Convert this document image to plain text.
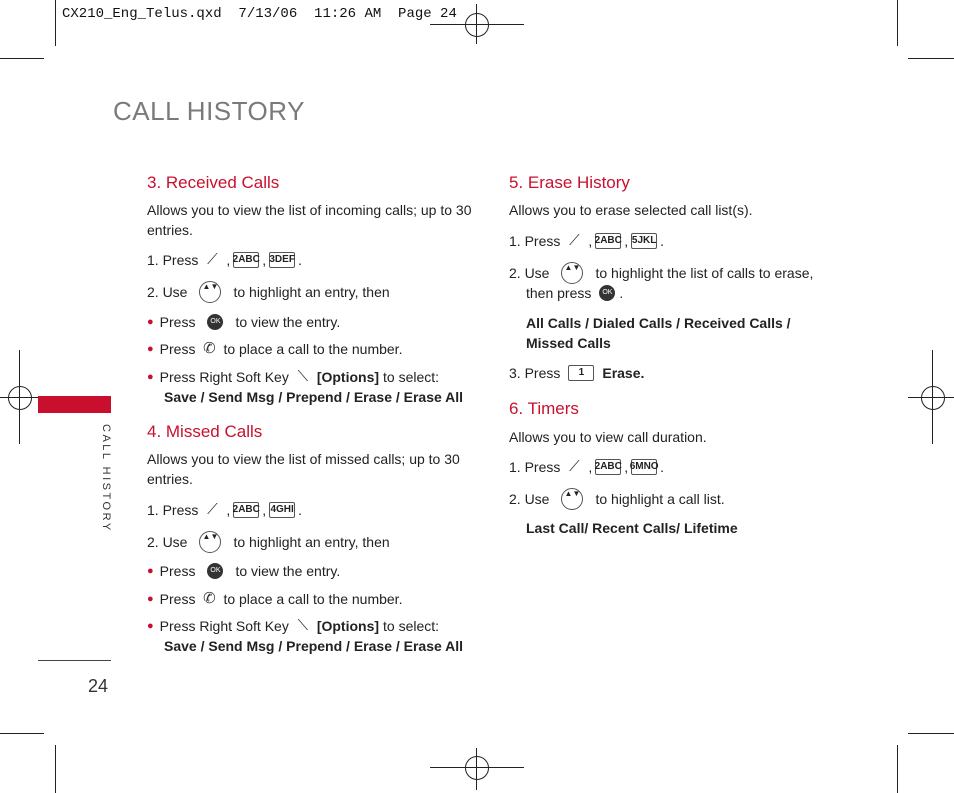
CX210_Eng_Telus.qxd  7/13/06  11:26 AM  Page 24
CALL HISTORY
CALL HISTORY
24
3. Received Calls
Allows you to view the list of incoming calls; up to 30 entries.
1. Press ⟋ , 2ABC , 3DEF .
2. Use	▲▼ to highlight an entry, then
● Press	OK to view the entry.
● Press ✆ to place a call to the number.
● Press Right Soft Key ⟍ [Options] to select:
Save / Send Msg / Prepend / Erase / Erase All
4. Missed Calls
Allows you to view the list of missed calls; up to 30 entries.
1. Press ⟋ , 2ABC , 4GHI .
2. Use	▲▼ to highlight an entry, then
● Press	OK to view the entry.
● Press ✆ to place a call to the number.
● Press Right Soft Key ⟍ [Options] to select:
Save / Send Msg / Prepend / Erase / Erase All
5. Erase History
Allows you to erase selected call list(s).
1. Press ⟋ , 2ABC , 5JKL .
2. Use	▲▼ to highlight the list of calls to erase,
then press	OK .
All Calls / Dialed Calls / Received Calls /
Missed Calls
3. Press	1	Erase.
6. Timers
Allows you to view call duration.
1. Press ⟋ , 2ABC , 6MNO .
2. Use	▲▼ to highlight a call list.
Last Call/ Recent Calls/ Lifetime
